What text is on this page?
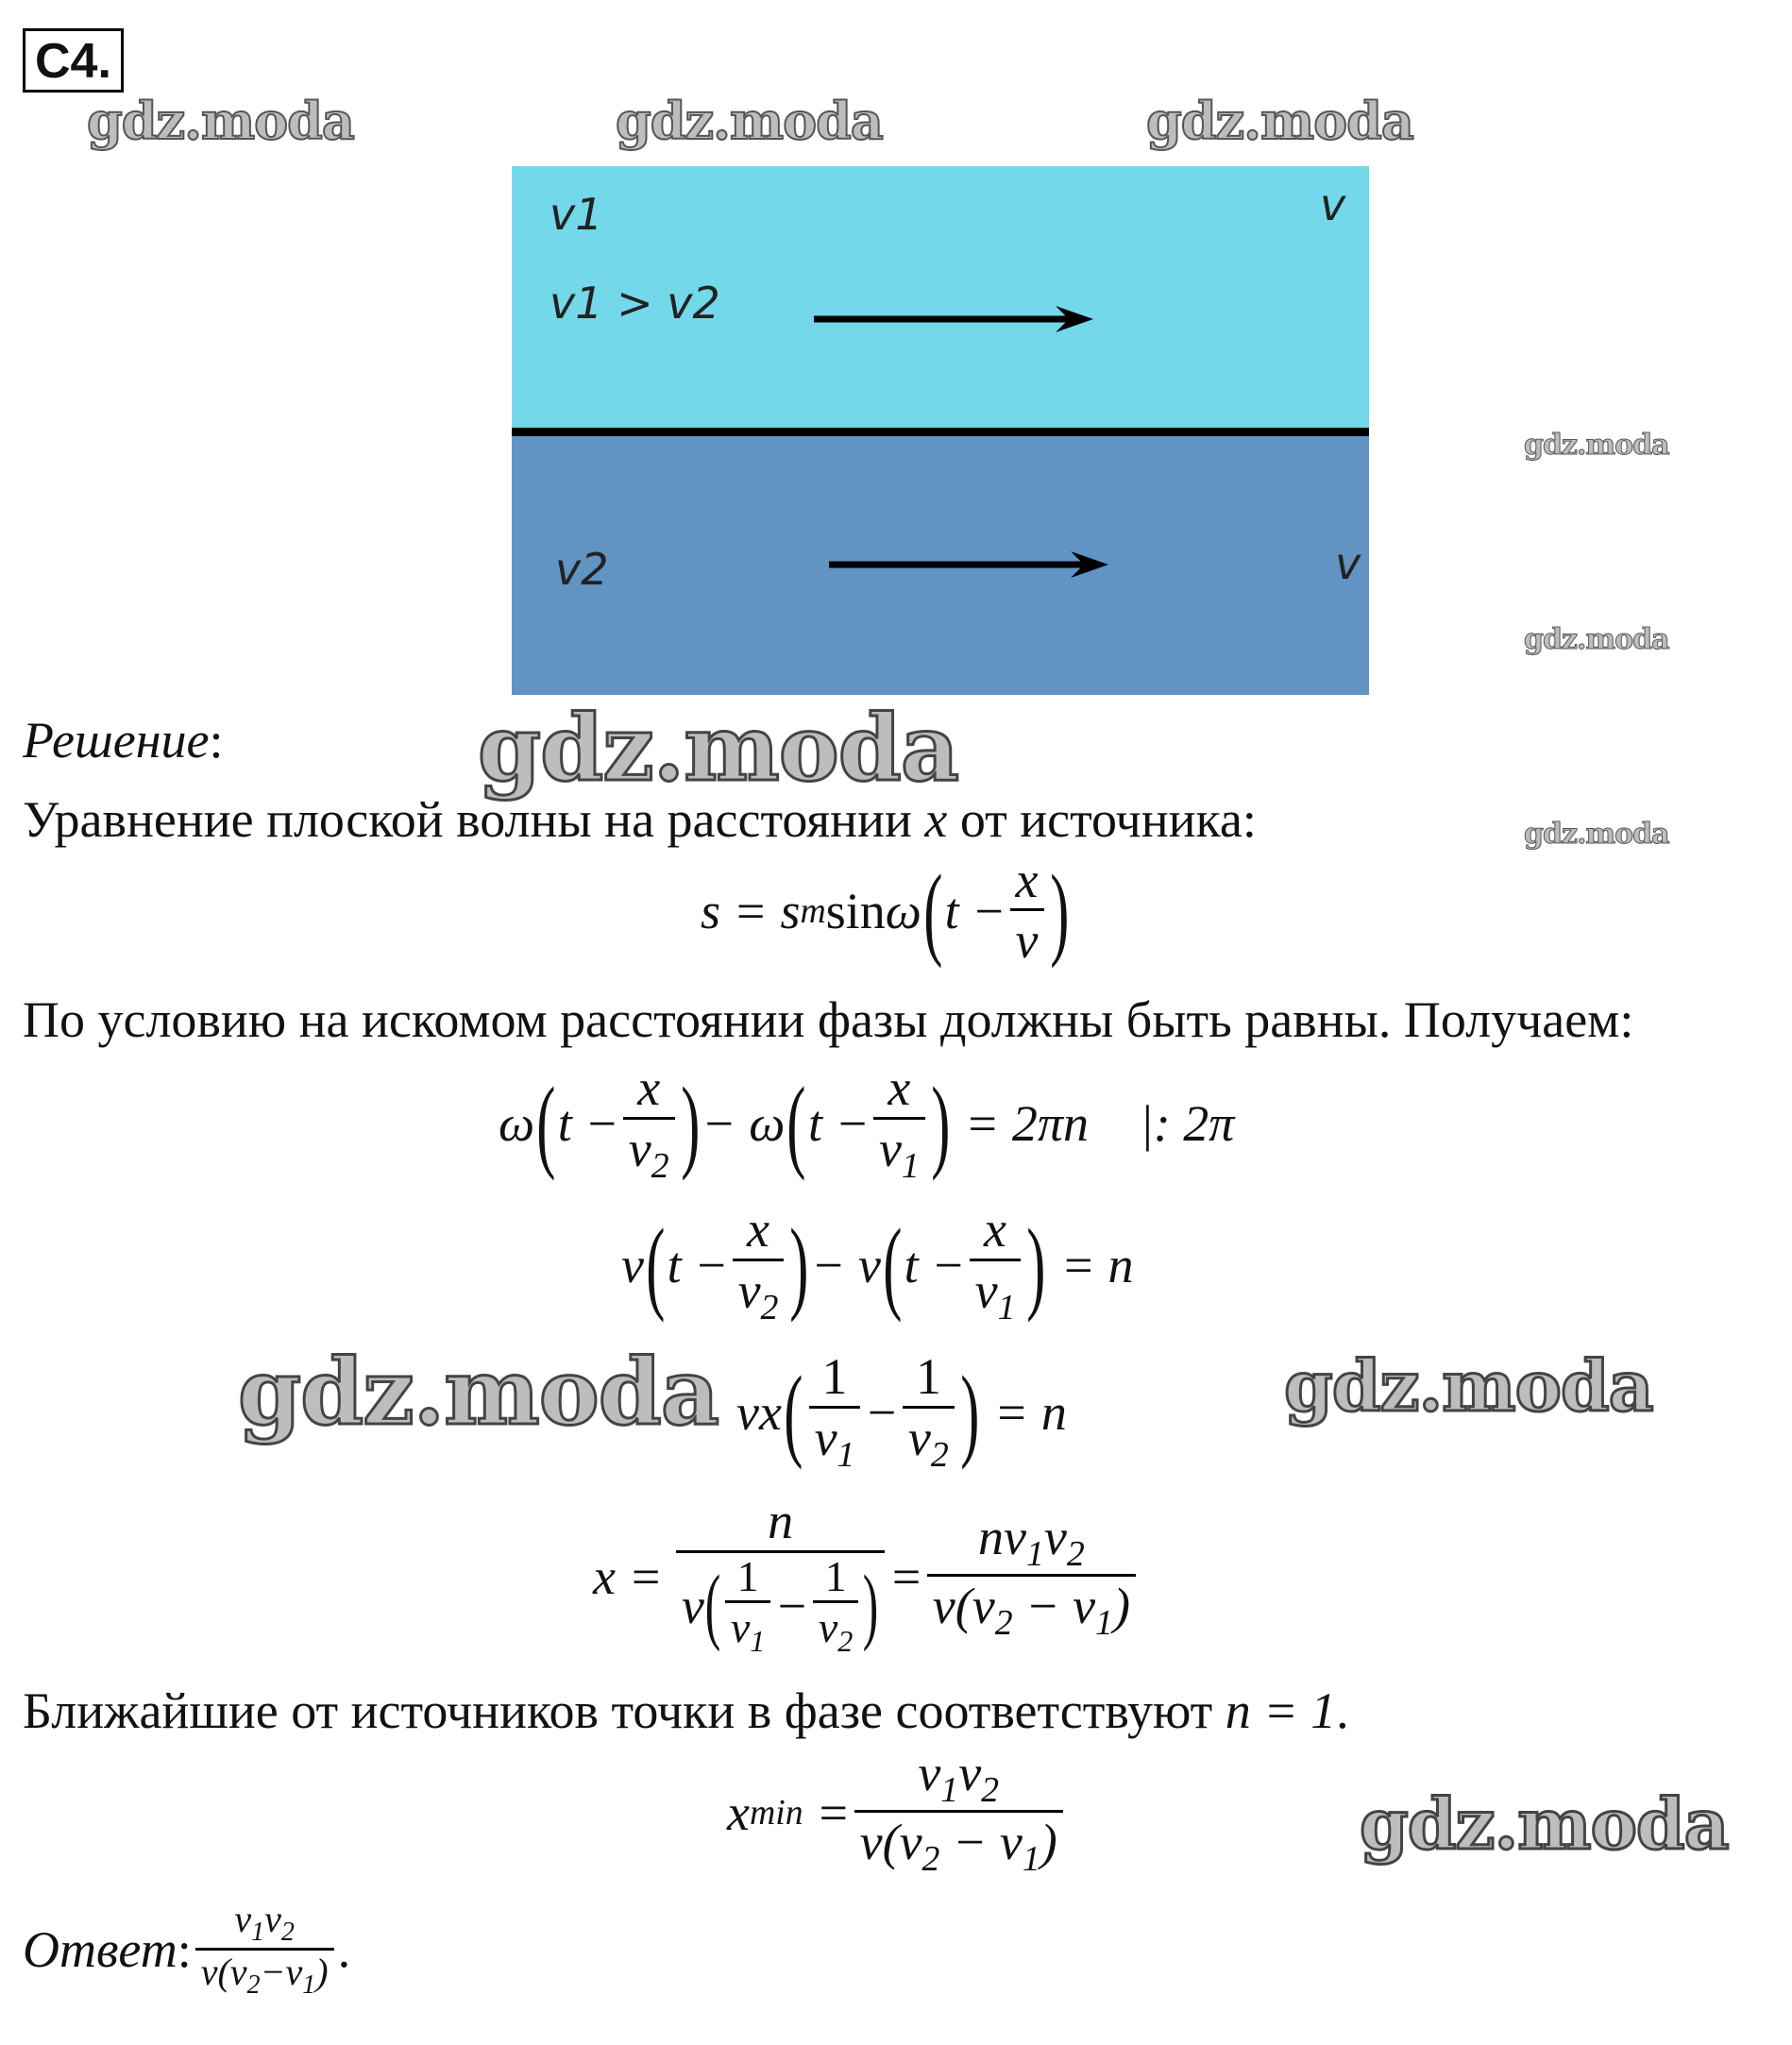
С4.
gdz.moda	gdz.moda	gdz.moda
gdz.moda
gdz.moda
gdz.moda
v1
v1 > v2
v
v2	v
Решение:	gdz.moda
Уравнение плоской волны на расстоянии x от источника:
s = s m sin ω ( $t - \frac{x}{v}$ )
По условию на искомом расстоянии фазы должны быть равны. Получаем:
ω ( $t - \frac{x}{v_2}$ ) −
ω ( $t - \frac{x}{v_1}$ )
= 2πn
|: 2π
ν ( $t - \frac{x}{v_2}$ ) −
ν ( $t - \frac{x}{v_1}$ )
= n
gdz.moda	gdz.moda
νx ( $\frac{1}{v_1} - \frac{1}{v_2}$ )
= n
$x = \frac{n}{\nu ( \frac{1}{v_1} - \frac{1}{v_2} )} = \frac{nv_1v_2}{\nu(v_2 - v_1)}$
Ближайшие от источников точки в фазе соответствуют n = 1.
x min
= $\frac{v_1v_2}{\nu(v_2 - v_1)}$	gdz.moda
Ответ : $\frac{v_1v_2}{\nu(v_2-v_1)}$ .
